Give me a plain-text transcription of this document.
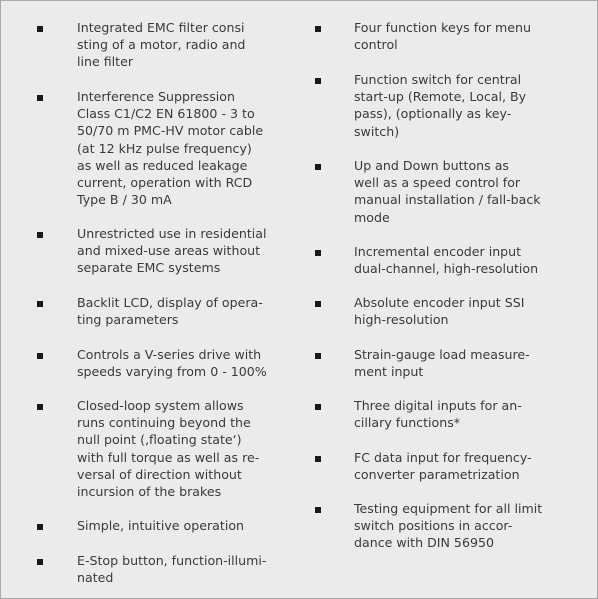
Integrated EMC filter consi
sting of a motor, radio and
line filter
Interference Suppression
Class C1/C2 EN 61800 - 3 to
50/70 m PMC-HV motor cable
(at 12 kHz pulse frequency)
as well as reduced leakage
current, operation with RCD
Type B / 30 mA
Unrestricted use in residential
and mixed-use areas without
separate EMC systems
Backlit LCD, display of opera-
ting parameters
Controls a V-series drive with
speeds varying from 0 - 100%
Closed-loop system allows
runs continuing beyond the
null point (‚floating state‘)
with full torque as well as re-
versal of direction without
incursion of the brakes
Simple, intuitive operation
E-Stop button, function-illumi-
nated
Four function keys for menu
control
Function switch for central
start-up (Remote, Local, By
pass), (optionally as key-
switch)
Up and Down buttons as
well as a speed control for
manual installation / fall-back
mode
Incremental encoder input
dual-channel, high-resolution
Absolute encoder input SSI
high-resolution
Strain-gauge load measure-
ment input
Three digital inputs for an-
cillary functions*
FC data input for frequency-
converter parametrization
Testing equipment for all limit
switch positions in accor-
dance with DIN 56950
